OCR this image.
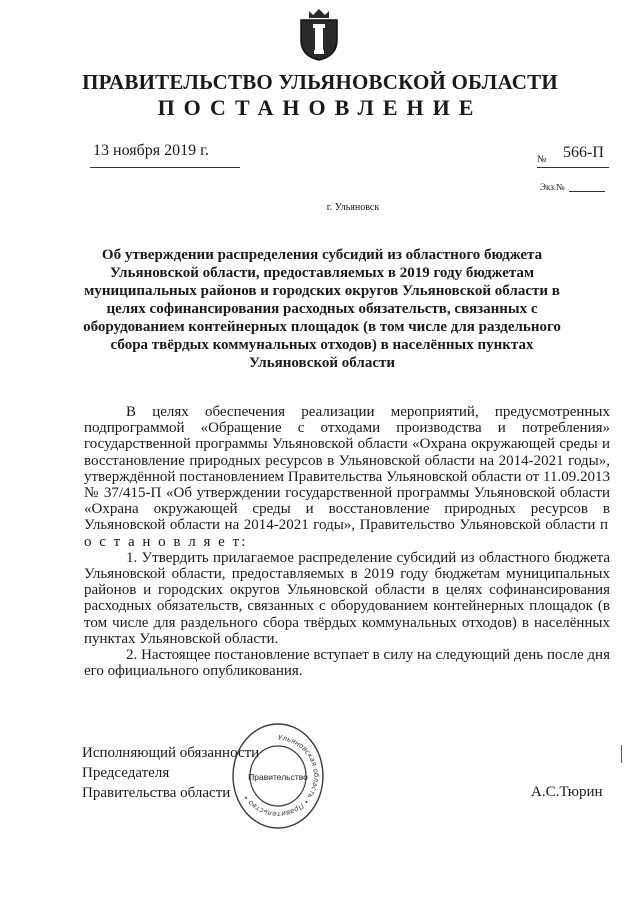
ПРАВИТЕЛЬСТВО УЛЬЯНОВСКОЙ ОБЛАСТИ
ПОСТАНОВЛЕНИЕ
13 ноября 2019 г.
№ 566-П
Экз.№
г. Ульяновск
Об утверждении распределения субсидий из областного бюджета Ульяновской области, предоставляемых в 2019 году бюджетам муниципальных районов и городских округов Ульяновской области в целях софинансирования расходных обязательств, связанных с оборудованием контейнерных площадок (в том числе для раздельного сбора твёрдых коммунальных отходов) в населённых пунктах Ульяновской области

В целях обеспечения реализации мероприятий, предусмотренных подпрограммой «Обращение с отходами производства и потребления» государственной программы Ульяновской области «Охрана окружающей среды и восстановление природных ресурсов в Ульяновской области на 2014-2021 годы», утверждённой постановлением Правительства Ульяновской области от 11.09.2013 № 37/415-П «Об утверждении государственной программы Ульяновской области «Охрана окружающей среды и восстановление природных ресурсов в Ульяновской области на 2014-2021 годы», Правительство Ульяновской области п о с т а н о в л я е т:

1. Утвердить прилагаемое распределение субсидий из областного бюджета Ульяновской области, предоставляемых в 2019 году бюджетам муниципальных районов и городских округов Ульяновской области в целях софинансирования расходных обязательств, связанных с оборудованием контейнерных площадок (в том числе для раздельного сбора твёрдых коммунальных отходов) в населённых пунктах Ульяновской области.

2. Настоящее постановление вступает в силу на следующий день после дня его официального опубликования.

Исполняющий обязанности
Председателя
Правительства области
Ульяновская область • Правительство •
Правительство
А.С.Тюрин
